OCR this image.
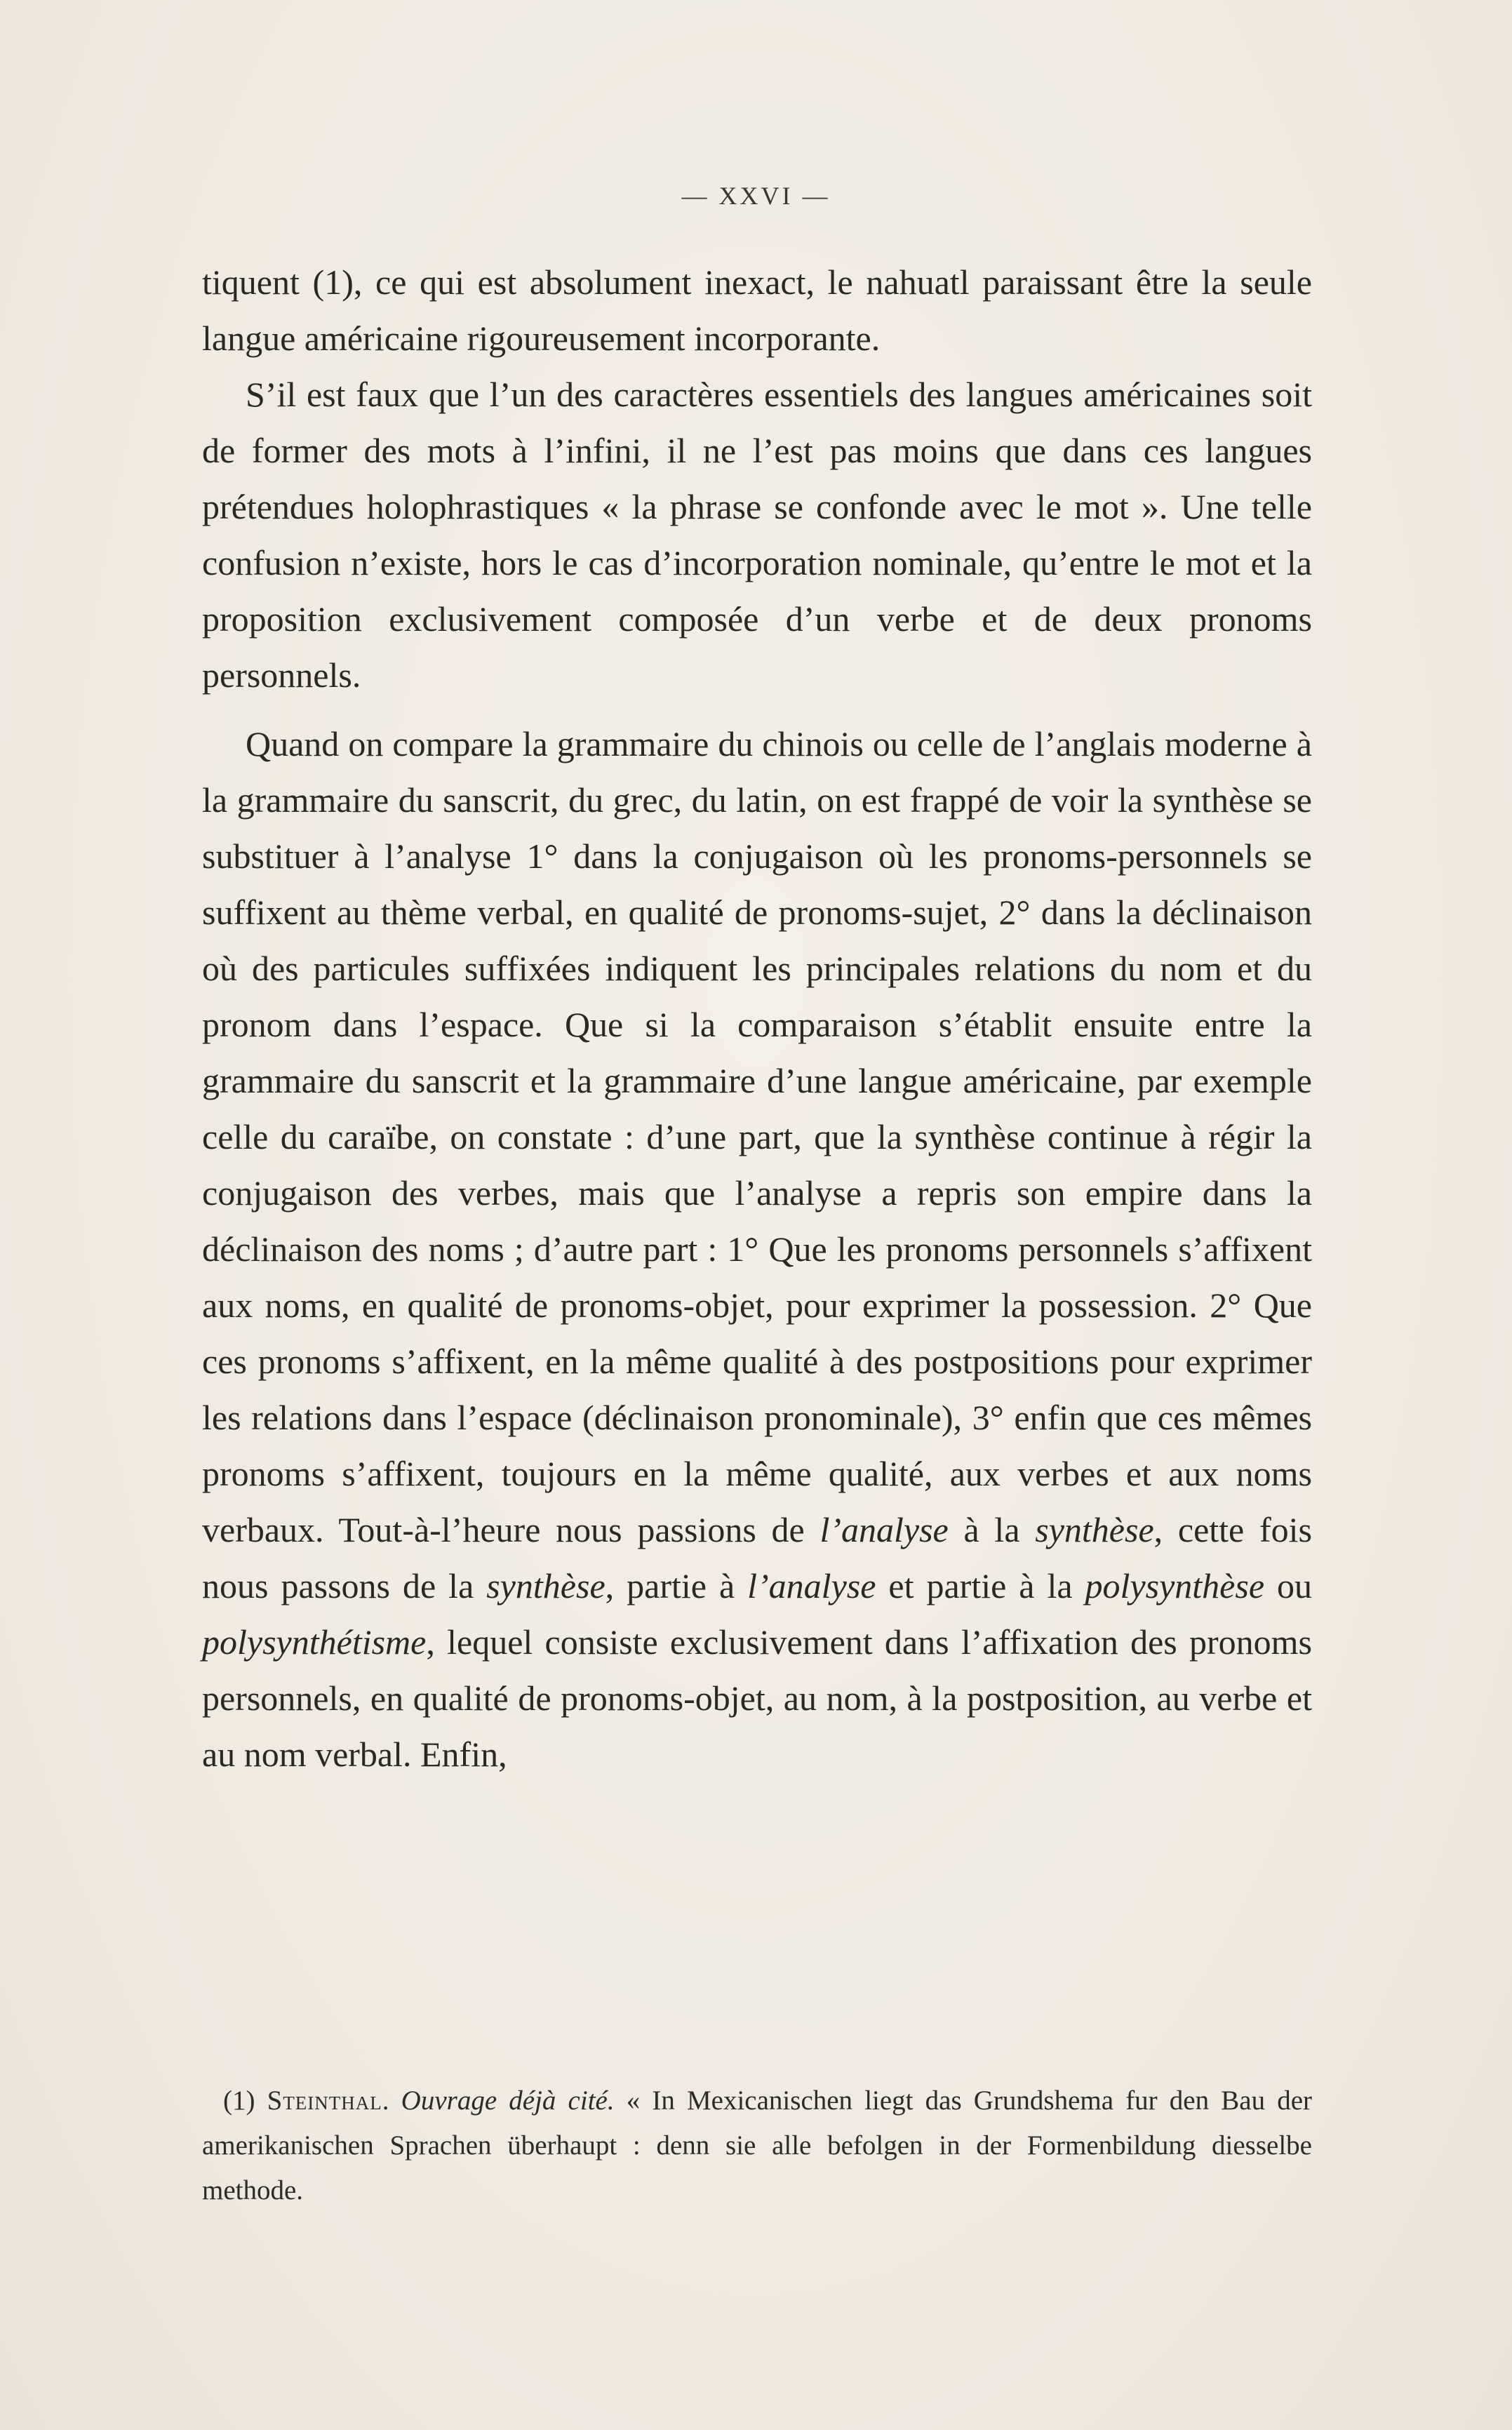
— XXVI —

tiquent (1), ce qui est absolument inexact, le nahuatl paraissant être la seule langue américaine rigoureusement incorporante.

S’il est faux que l’un des caractères essentiels des langues américaines soit de former des mots à l’infini, il ne l’est pas moins que dans ces langues prétendues holophrastiques « la phrase se confonde avec le mot ». Une telle confusion n’existe, hors le cas d’incorporation nominale, qu’entre le mot et la proposition exclusivement composée d’un verbe et de deux pronoms personnels.

Quand on compare la grammaire du chinois ou celle de l’anglais moderne à la grammaire du sanscrit, du grec, du latin, on est frappé de voir la synthèse se substituer à l’analyse 1° dans la conjugaison où les pronoms-personnels se suffixent au thème verbal, en qualité de pronoms-sujet, 2° dans la déclinaison où des particules suffixées indiquent les principales relations du nom et du pronom dans l’espace. Que si la comparaison s’établit ensuite entre la grammaire du sanscrit et la grammaire d’une langue américaine, par exemple celle du caraïbe, on constate : d’une part, que la synthèse continue à régir la conjugaison des verbes, mais que l’analyse a repris son empire dans la déclinaison des noms ; d’autre part : 1° Que les pronoms personnels s’affixent aux noms, en qualité de pronoms-objet, pour exprimer la possession. 2° Que ces pronoms s’affixent, en la même qualité à des postpositions pour exprimer les relations dans l’espace (déclinaison pronominale), 3° enfin que ces mêmes pronoms s’affixent, toujours en la même qualité, aux verbes et aux noms verbaux. Tout-à-l’heure nous passions de l’analyse à la synthèse, cette fois nous passons de la synthèse, partie à l’analyse et partie à la polysynthèse ou polysynthétisme, lequel consiste exclusivement dans l’affixation des pronoms personnels, en qualité de pronoms-objet, au nom, à la postposition, au verbe et au nom verbal. Enfin,

(1) Steinthal. Ouvrage déjà cité. « In Mexicanischen liegt das Grundshema fur den Bau der amerikanischen Sprachen überhaupt : denn sie alle befolgen in der Formenbildung diesselbe methode.
